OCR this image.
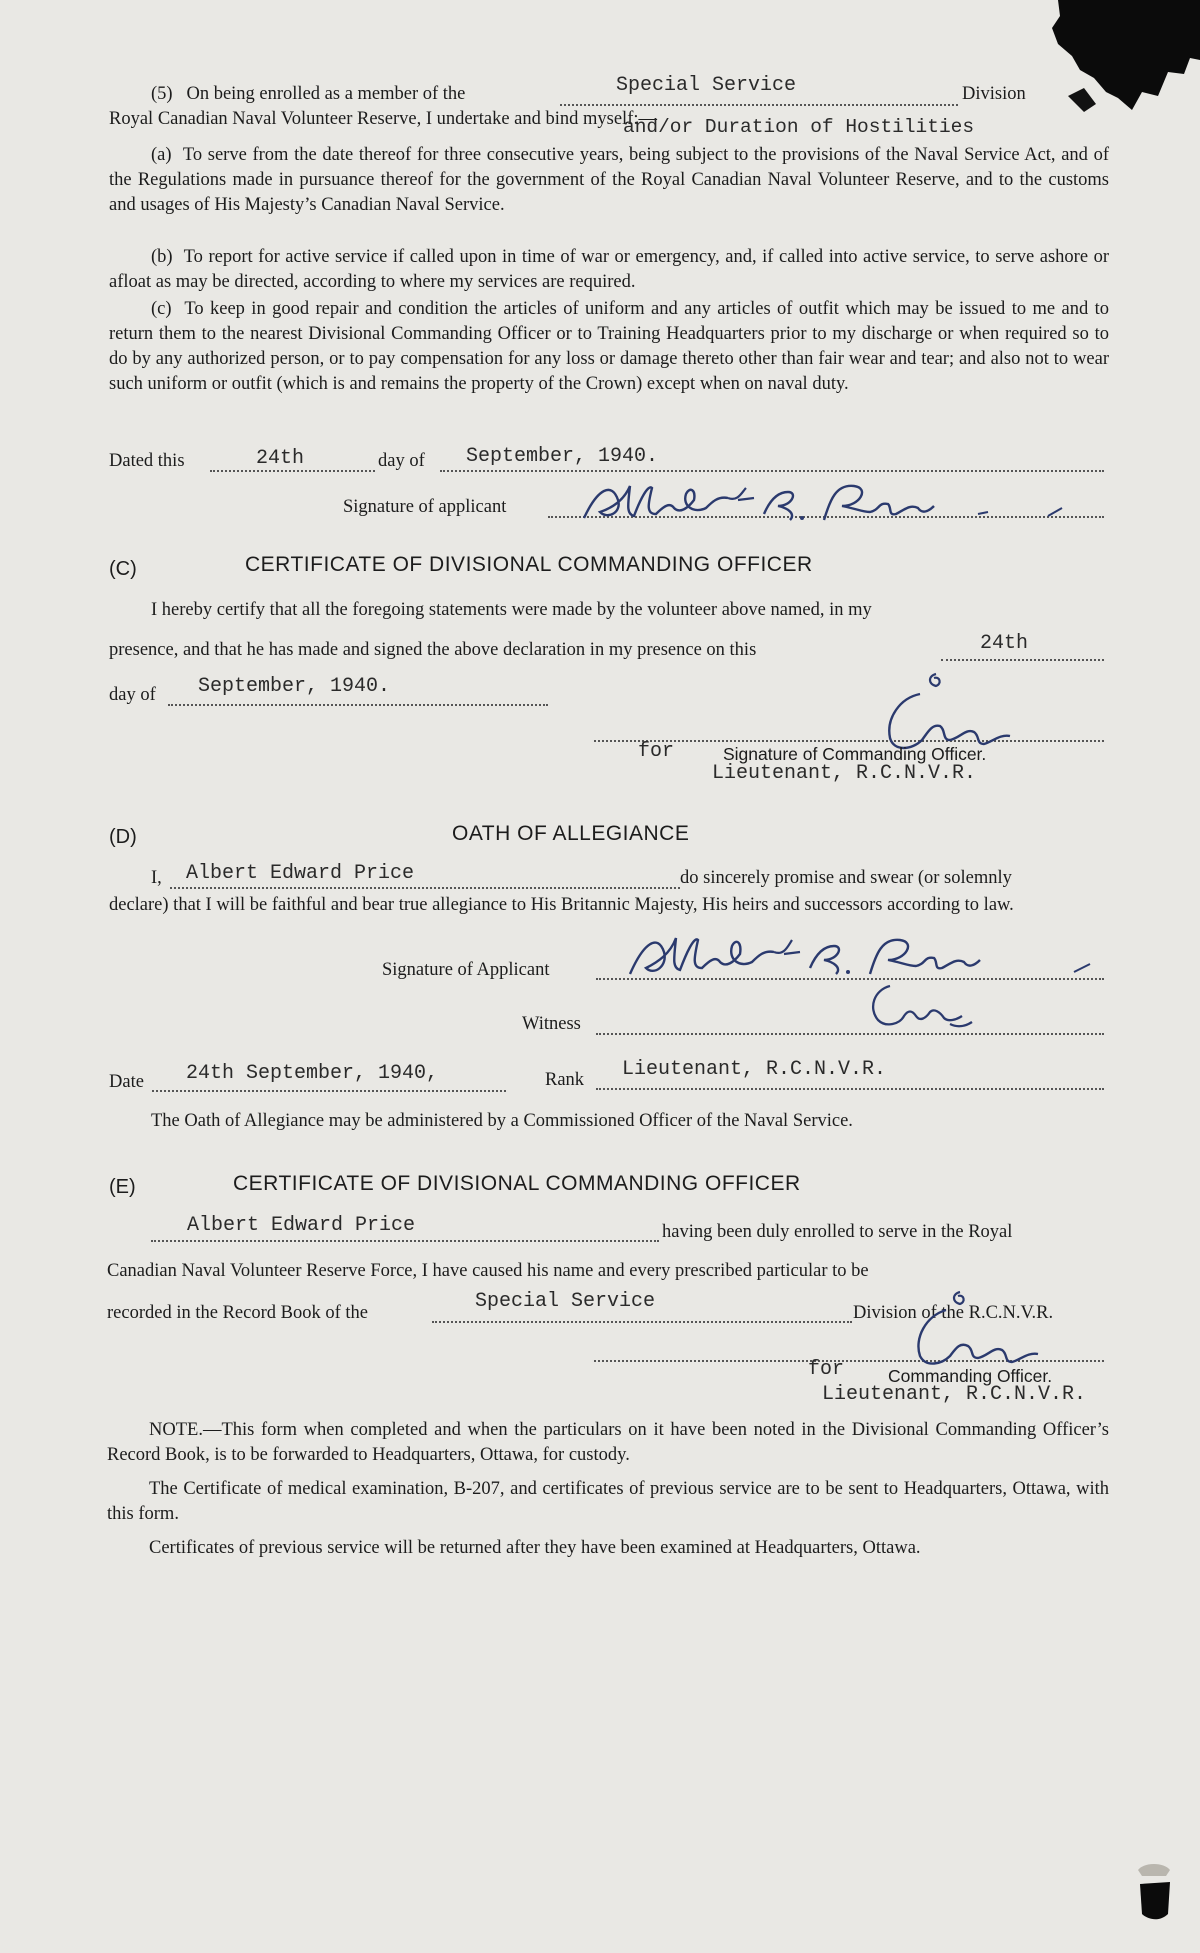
(5) On being enrolled as a member of the	Special Service	Division
Royal Canadian Naval Volunteer Reserve, I undertake and bind myself:—
and/or Duration of Hostilities

(a)  To serve from the date thereof for three consecutive years, being subject to the provisions of the Naval Service Act, and of the Regulations made in pursuance thereof for the government of the Royal Canadian Naval Volunteer Reserve, and to the customs and usages of His Majesty’s Canadian Naval Service.

(b)  To report for active service if called upon in time of war or emergency, and, if called into active service, to serve ashore or afloat as may be directed, according to where my services are required.

(c)  To keep in good repair and condition the articles of uniform and any articles of outfit which may be issued to me and to return them to the nearest Divisional Commanding Officer or to Training Headquarters prior to my discharge or when required so to do by any authorized person, or to pay compensation for any loss or damage thereto other than fair wear and tear; and also not to wear such uniform or outfit (which is and remains the property of the Crown) except when on naval duty.

Dated this	24th	day of September, 1940.
Signature of applicant
(C)	CERTIFICATE OF DIVISIONAL COMMANDING OFFICER
I hereby certify that all the foregoing statements were made by the volunteer above named, in my
presence, and that he has made and signed the above declaration in my presence on this	24th
day of September, 1940.
for	Signature of Commanding Officer.
Lieutenant, R.C.N.V.R.
(D)	OATH OF ALLEGIANCE
I, Albert Edward Price	do sincerely promise and swear (or solemnly

declare) that I will be faithful and bear true allegiance to His Britannic Majesty, His heirs and successors according to law.

Signature of Applicant
Witness
Date 24th September, 1940,	Rank Lieutenant, R.C.N.V.R.
The Oath of Allegiance may be administered by a Commissioned Officer of the Naval Service.
(E)	CERTIFICATE OF DIVISIONAL COMMANDING OFFICER
Albert Edward Price	having been duly enrolled to serve in the Royal
Canadian Naval Volunteer Reserve Force, I have caused his name and every prescribed particular to be
recorded in the Record Book of the	Special Service	Division of the R.C.N.V.R.
for	Commanding Officer.
Lieutenant, R.C.N.V.R.

NOTE.—This form when completed and when the particulars on it have been noted in the Divisional Commanding Officer’s Record Book, is to be forwarded to Headquarters, Ottawa, for custody.

The Certificate of medical examination, B-207, and certificates of previous service are to be sent to Headquarters, Ottawa, with this form.

Certificates of previous service will be returned after they have been examined at Headquarters, Ottawa.
